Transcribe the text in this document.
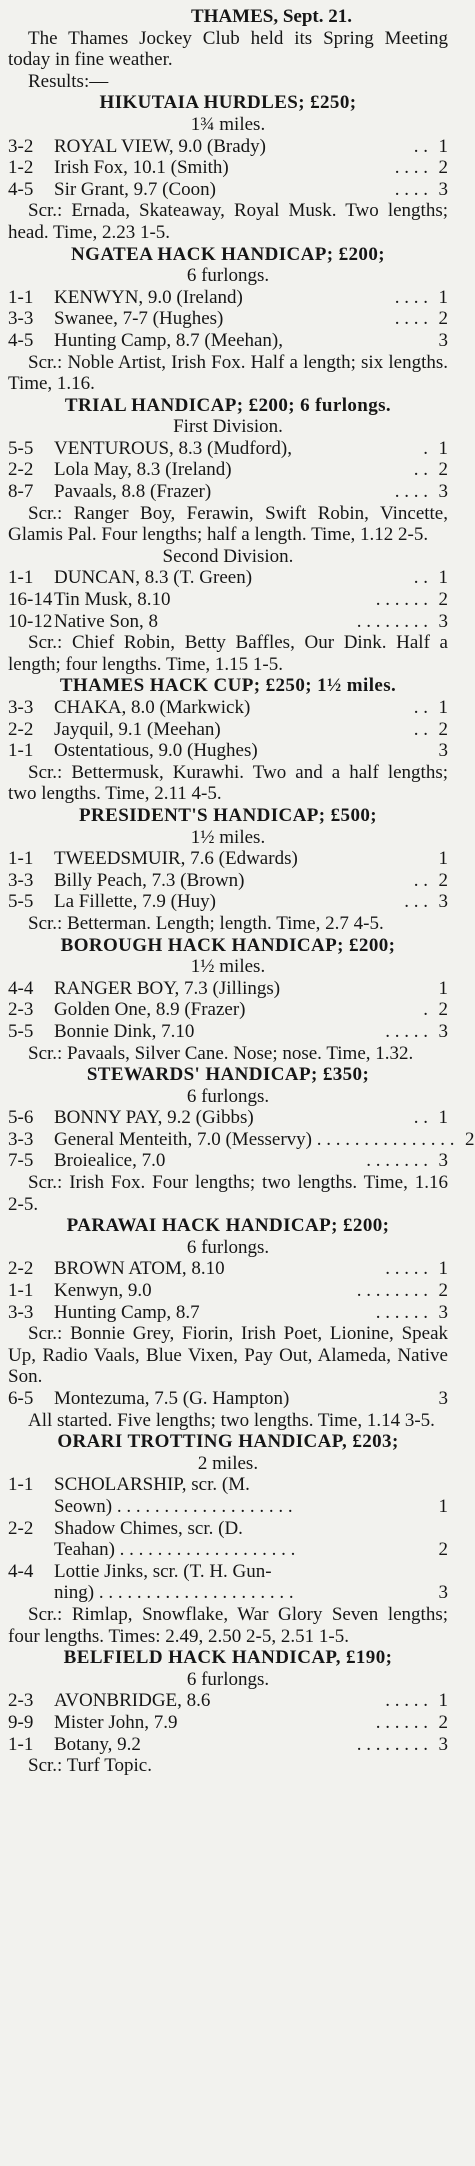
THAMES, Sept. 21.
The Thames Jockey Club held its Spring Meeting today in fine weather.
Results:—
HIKUTAIA HURDLES; £250;
1¾ miles.
3-2	ROYAL VIEW, 9.0 (Brady)	. . 1
1-2	Irish Fox, 10.1 (Smith)	. . . . 2
4-5	Sir Grant, 9.7 (Coon)	. . . . 3
Scr.: Ernada, Skateaway, Royal Musk. Two lengths; head. Time, 2.23 1-5.
NGATEA HACK HANDICAP; £200;
6 furlongs.
1-1	KENWYN, 9.0 (Ireland)	. . . . 1
3-3	Swanee, 7-7 (Hughes)	. . . . 2
4-5	Hunting Camp, 8.7 (Meehan),	3
Scr.: Noble Artist, Irish Fox. Half a length; six lengths. Time, 1.16.
TRIAL HANDICAP; £200; 6 furlongs.
First Division.
5-5	VENTUROUS, 8.3 (Mudford),	. 1
2-2	Lola May, 8.3 (Ireland)	. . 2
8-7	Pavaals, 8.8 (Frazer)	. . . . 3
Scr.: Ranger Boy, Ferawin, Swift Robin, Vincette, Glamis Pal. Four lengths; half a length. Time, 1.12 2-5.
Second Division.
1-1	DUNCAN, 8.3 (T. Green)	. . 1
16-14 Tin Musk, 8.10	. . . . . . 2
10-12 Native Son, 8	. . . . . . . . 3
Scr.: Chief Robin, Betty Baffles, Our Dink. Half a length; four lengths. Time, 1.15 1-5.
THAMES HACK CUP; £250; 1½ miles.
3-3	CHAKA, 8.0 (Markwick)	. . 1
2-2	Jayquil, 9.1 (Meehan)	. . 2
1-1	Ostentatious, 9.0 (Hughes)	3
Scr.: Bettermusk, Kurawhi. Two and a half lengths; two lengths. Time, 2.11 4-5.
PRESIDENT'S HANDICAP; £500;
1½ miles.
1-1	TWEEDSMUIR, 7.6 (Edwards)	1
3-3	Billy Peach, 7.3 (Brown)	. . 2
5-5	La Fillette, 7.9 (Huy)	. . . 3
Scr.: Betterman. Length; length. Time, 2.7 4-5.
BOROUGH HACK HANDICAP; £200;
1½ miles.
4-4	RANGER BOY, 7.3 (Jillings)	1
2-3	Golden One, 8.9 (Frazer)	. 2
5-5	Bonnie Dink, 7.10	. . . . . 3
Scr.: Pavaals, Silver Cane. Nose; nose. Time, 1.32.
STEWARDS' HANDICAP; £350;
6 furlongs.
5-6	BONNY PAY, 9.2 (Gibbs)	. . 1
3-3	General Menteith, 7.0 (Messervy) . . . . . . . . . . . . . . . 2
7-5	Broiealice, 7.0	. . . . . . . 3
Scr.: Irish Fox. Four lengths; two lengths. Time, 1.16 2-5.
PARAWAI HACK HANDICAP; £200;
6 furlongs.
2-2	BROWN ATOM, 8.10	. . . . . 1
1-1	Kenwyn, 9.0	. . . . . . . . 2
3-3	Hunting Camp, 8.7	. . . . . . 3
Scr.: Bonnie Grey, Fiorin, Irish Poet, Lionine, Speak Up, Radio Vaals, Blue Vixen, Pay Out, Alameda, Native Son.
6-5	Montezuma, 7.5 (G. Hampton)	3
All started. Five lengths; two lengths. Time, 1.14 3-5.
ORARI TROTTING HANDICAP, £203;
2 miles.
1-1	SCHOLARSHIP, scr. (M.
Seown) . . . . . . . . . . . . . . . . . . .	1
2-2	Shadow Chimes, scr. (D.
Teahan) . . . . . . . . . . . . . . . . . . .	2
4-4	Lottie Jinks, scr. (T. H. Gun-
ning) . . . . . . . . . . . . . . . . . . . . .	3
Scr.: Rimlap, Snowflake, War Glory Seven lengths; four lengths. Times: 2.49, 2.50 2-5, 2.51 1-5.
BELFIELD HACK HANDICAP, £190;
6 furlongs.
2-3	AVONBRIDGE, 8.6	. . . . . 1
9-9	Mister John, 7.9	. . . . . . 2
1-1	Botany, 9.2	. . . . . . . . 3
Scr.: Turf Topic.
